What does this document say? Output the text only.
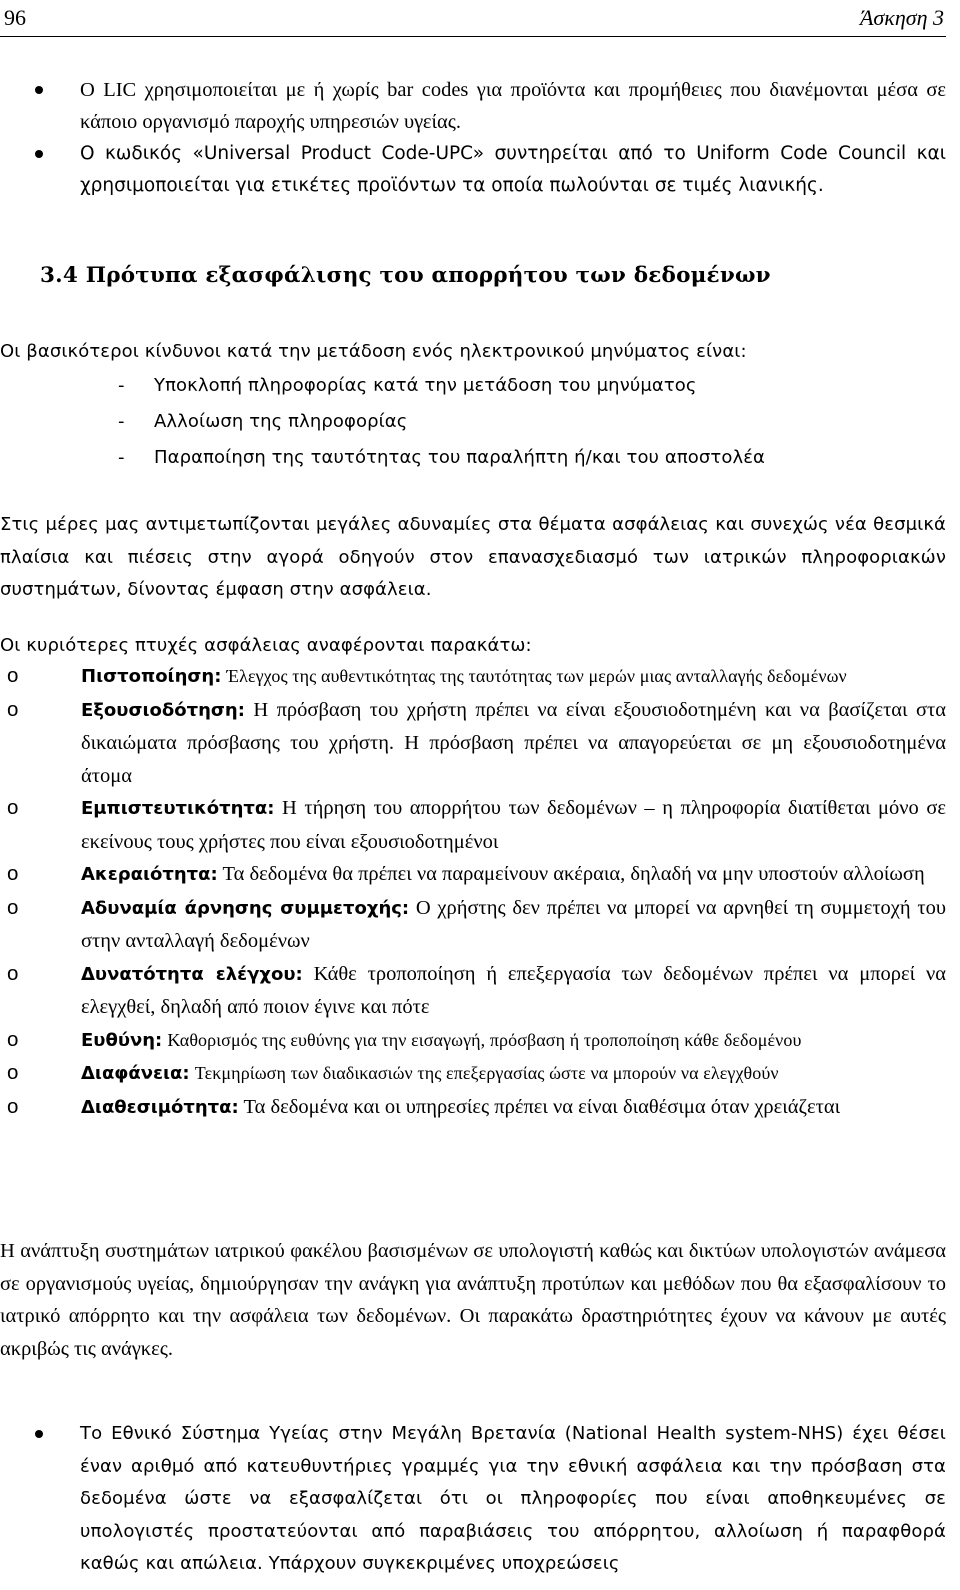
96	Άσκηση 3
Ο LIC χρησιμοποιείται με ή χωρίς bar codes για προϊόντα και προμήθειες που διανέμονται μέσα σε κάποιο οργανισμό παροχής υπηρεσιών υγείας.
Ο κωδικός «Universal Product Code-UPC» συντηρείται από το Uniform Code Council και χρησιμοποιείται για ετικέτες προϊόντων τα οποία πωλούνται σε τιμές λιανικής.
3.4 Πρότυπα εξασφάλισης του απορρήτου των δεδομένων
Οι βασικότεροι κίνδυνοι κατά την μετάδοση ενός ηλεκτρονικού μηνύματος είναι:
- Υποκλοπή πληροφορίας κατά την μετάδοση του μηνύματος
- Αλλοίωση της πληροφορίας
- Παραποίηση της ταυτότητας του παραλήπτη ή/και του αποστολέα
Στις μέρες μας αντιμετωπίζονται μεγάλες αδυναμίες στα θέματα ασφάλειας και συνεχώς νέα θεσμικά πλαίσια και πιέσεις στην αγορά οδηγούν στον επανασχεδιασμό των ιατρικών πληροφοριακών συστημάτων, δίνοντας έμφαση στην ασφάλεια.
Οι κυριότερες πτυχές ασφάλειας αναφέρονται παρακάτω:
o	Πιστοποίηση: Έλεγχος της αυθεντικότητας της ταυτότητας των μερών μιας ανταλλαγής δεδομένων
o	Εξουσιοδότηση: Η πρόσβαση του χρήστη πρέπει να είναι εξουσιοδοτημένη και να βασίζεται στα δικαιώματα πρόσβασης του χρήστη. Η πρόσβαση πρέπει να απαγορεύεται σε μη εξουσιοδοτημένα άτομα
o	Εμπιστευτικότητα: Η τήρηση του απορρήτου των δεδομένων – η πληροφορία διατίθεται μόνο σε εκείνους τους χρήστες που είναι εξουσιοδοτημένοι
o	Ακεραιότητα: Τα δεδομένα θα πρέπει να παραμείνουν ακέραια, δηλαδή να μην υποστούν αλλοίωση
o	Αδυναμία άρνησης συμμετοχής: Ο χρήστης δεν πρέπει να μπορεί να αρνηθεί τη συμμετοχή του στην ανταλλαγή δεδομένων
o	Δυνατότητα ελέγχου: Κάθε τροποποίηση ή επεξεργασία των δεδομένων πρέπει να μπορεί να ελεγχθεί, δηλαδή από ποιον έγινε και πότε
o	Ευθύνη: Καθορισμός της ευθύνης για την εισαγωγή, πρόσβαση ή τροποποίηση κάθε δεδομένου
o	Διαφάνεια: Τεκμηρίωση των διαδικασιών της επεξεργασίας ώστε να μπορούν να ελεγχθούν
o	Διαθεσιμότητα: Τα δεδομένα και οι υπηρεσίες πρέπει να είναι διαθέσιμα όταν χρειάζεται
Η ανάπτυξη συστημάτων ιατρικού φακέλου βασισμένων σε υπολογιστή καθώς και δικτύων υπολογιστών ανάμεσα σε οργανισμούς υγείας, δημιούργησαν την ανάγκη για ανάπτυξη προτύπων και μεθόδων που θα εξασφαλίσουν το ιατρικό απόρρητο και την ασφάλεια των δεδομένων. Οι παρακάτω δραστηριότητες έχουν να κάνουν με αυτές ακριβώς τις ανάγκες.
Το Εθνικό Σύστημα Υγείας στην Μεγάλη Βρετανία (National Health system-NHS) έχει θέσει έναν αριθμό από κατευθυντήριες γραμμές για την εθνική ασφάλεια και την πρόσβαση στα δεδομένα ώστε να εξασφαλίζεται ότι οι πληροφορίες που είναι αποθηκευμένες σε υπολογιστές προστατεύονται από παραβιάσεις του απόρρητου, αλλοίωση ή παραφθορά καθώς και απώλεια. Υπάρχουν συγκεκριμένες υποχρεώσεις
